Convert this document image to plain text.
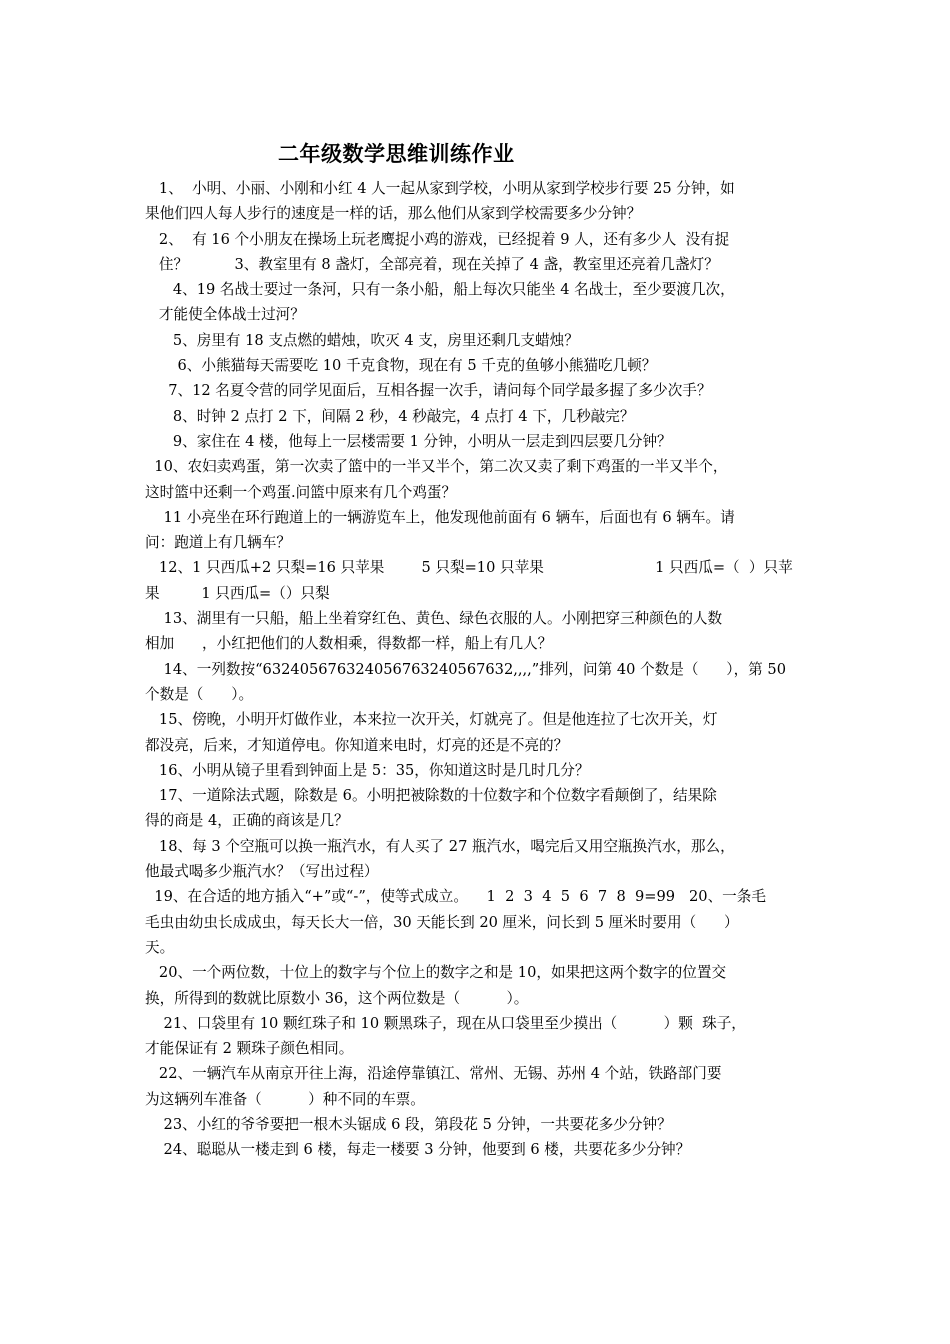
二年级数学思维训练作业
1、  小明、小丽、小刚和小红 4 人一起从家到学校，小明从家到学校步行要 25 分钟，如
果他们四人每人步行的速度是一样的话，那么他们从家到学校需要多少分钟？
2、  有 16 个小朋友在操场上玩老鹰捉小鸡的游戏，已经捉着 9 人，还有多少人  没有捉
住？          3、教室里有 8 盏灯，全部亮着，现在关掉了 4 盏，教室里还亮着几盏灯？
4、19 名战士要过一条河，只有一条小船，船上每次只能坐 4 名战士，至少要渡几次，
才能使全体战士过河？
5、房里有 18 支点燃的蜡烛，吹灭 4 支，房里还剩几支蜡烛？
6、小熊猫每天需要吃 10 千克食物，现在有 5 千克的鱼够小熊猫吃几顿？
7、12 名夏令营的同学见面后，互相各握一次手，请问每个同学最多握了多少次手？
8、时钟 2 点打 2 下，间隔 2 秒，4 秒敲完，4 点打 4 下，几秒敲完？
9、家住在 4 楼，他每上一层楼需要 1 分钟，小明从一层走到四层要几分钟？
10、农妇卖鸡蛋，第一次卖了篮中的一半又半个，第二次又卖了剩下鸡蛋的一半又半个，
这时篮中还剩一个鸡蛋.问篮中原来有几个鸡蛋？
11 小亮坐在环行跑道上的一辆游览车上，他发现他前面有 6 辆车，后面也有 6 辆车。请
问：跑道上有几辆车？
12、1 只西瓜+2 只梨=16 只苹果        5 只梨=10 只苹果                        1 只西瓜=（  ）只苹
果         1 只西瓜=（）只梨
13、湖里有一只船，船上坐着穿红色、黄色、绿色衣服的人。小刚把穿三种颜色的人数
相加      ，小红把他们的人数相乘，得数都一样，船上有几人？
14、一列数按“632405676324056763240567632,,,,”排列，问第 40 个数是（      ），第 50
个数是（      ）。
15、傍晚，小明开灯做作业，本来拉一次开关，灯就亮了。但是他连拉了七次开关，灯
都没亮，后来，才知道停电。你知道来电时，灯亮的还是不亮的？
16、小明从镜子里看到钟面上是 5：35，你知道这时是几时几分？
17、一道除法式题，除数是 6。小明把被除数的十位数字和个位数字看颠倒了，结果除
得的商是 4，正确的商该是几？
18、每 3 个空瓶可以换一瓶汽水，有人买了 27 瓶汽水，喝完后又用空瓶换汽水，那么，
他最式喝多少瓶汽水？（写出过程）
19、在合适的地方插入“+”或“-”，使等式成立。    1  2  3  4  5  6  7  8  9=99   20、一条毛
毛虫由幼虫长成成虫，每天长大一倍，30 天能长到 20 厘米，问长到 5 厘米时要用（      ）
天。
20、一个两位数，十位上的数字与个位上的数字之和是 10，如果把这两个数字的位置交
换，所得到的数就比原数小 36，这个两位数是（          ）。
21、口袋里有 10 颗红珠子和 10 颗黑珠子，现在从口袋里至少摸出（          ）颗  珠子，
才能保证有 2 颗珠子颜色相同。
22、一辆汽车从南京开往上海，沿途停靠镇江、常州、无锡、苏州 4 个站，铁路部门要
为这辆列车准备（          ）种不同的车票。
23、小红的爷爷要把一根木头锯成 6 段，第段花 5 分钟，一共要花多少分钟？
24、聪聪从一楼走到 6 楼，每走一楼要 3 分钟，他要到 6 楼，共要花多少分钟？
